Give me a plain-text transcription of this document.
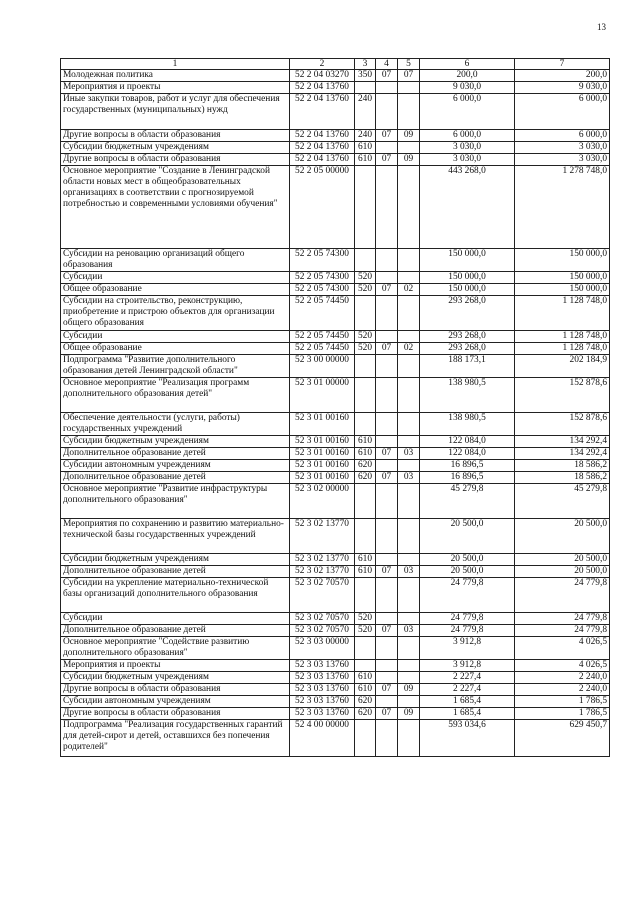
13
1	2	3	4	5	6	7
Молодежная политика	52 2 04 03270	350	07	07	200,0	200,0
Мероприятия и проекты	52 2 04 13760				9 030,0	9 030,0
Иные закупки товаров, работ и услуг для обеспечения государственных (муниципальных) нужд	52 2 04 13760	240			6 000,0	6 000,0
Другие вопросы в области образования	52 2 04 13760	240	07	09	6 000,0	6 000,0
Субсидии бюджетным учреждениям	52 2 04 13760	610			3 030,0	3 030,0
Другие вопросы в области образования	52 2 04 13760	610	07	09	3 030,0	3 030,0
Основное мероприятие "Создание в Ленинградской области новых мест в общеобразовательных организациях в соответствии с прогнозируемой потребностью и современными условиями обучения"	52 2 05 00000				443 268,0	1 278 748,0
Субсидии на реновацию организаций общего образования	52 2 05 74300				150 000,0	150 000,0
Субсидии	52 2 05 74300	520			150 000,0	150 000,0
Общее образование	52 2 05 74300	520	07	02	150 000,0	150 000,0
Субсидии на строительство, реконструкцию, приобретение и пристрою объектов для организации общего образования	52 2 05 74450				293 268,0	1 128 748,0
Субсидии	52 2 05 74450	520			293 268,0	1 128 748,0
Общее образование	52 2 05 74450	520	07	02	293 268,0	1 128 748,0
Подпрограмма "Развитие дополнительного образования детей Ленинградской области"	52 3 00 00000				188 173,1	202 184,9
Основное мероприятие "Реализация программ дополнительного образования детей"	52 3 01 00000				138 980,5	152 878,6
Обеспечение деятельности (услуги, работы) государственных учреждений	52 3 01 00160				138 980,5	152 878,6
Субсидии бюджетным учреждениям	52 3 01 00160	610			122 084,0	134 292,4
Дополнительное образование детей	52 3 01 00160	610	07	03	122 084,0	134 292,4
Субсидии автономным учреждениям	52 3 01 00160	620			16 896,5	18 586,2
Дополнительное образование детей	52 3 01 00160	620	07	03	16 896,5	18 586,2
Основное мероприятие "Развитие инфраструктуры дополнительного образования"	52 3 02 00000				45 279,8	45 279,8
Мероприятия по сохранению и развитию материально-технической базы государственных учреждений	52 3 02 13770				20 500,0	20 500,0
Субсидии бюджетным учреждениям	52 3 02 13770	610			20 500,0	20 500,0
Дополнительное образование детей	52 3 02 13770	610	07	03	20 500,0	20 500,0
Субсидии на укрепление материально-технической базы организаций дополнительного образования	52 3 02 70570				24 779,8	24 779,8
Субсидии	52 3 02 70570	520			24 779,8	24 779,8
Дополнительное образование детей	52 3 02 70570	520	07	03	24 779,8	24 779,8
Основное мероприятие "Содействие развитию дополнительного образования"	52 3 03 00000				3 912,8	4 026,5
Мероприятия и проекты	52 3 03 13760				3 912,8	4 026,5
Субсидии бюджетным учреждениям	52 3 03 13760	610			2 227,4	2 240,0
Другие вопросы в области образования	52 3 03 13760	610	07	09	2 227,4	2 240,0
Субсидии автономным учреждениям	52 3 03 13760	620			1 685,4	1 786,5
Другие вопросы в области образования	52 3 03 13760	620	07	09	1 685,4	1 786,5
Подпрограмма "Реализация государственных гарантий для детей-сирот и детей, оставшихся без попечения родителей"	52 4 00 00000				593 034,6	629 450,7
